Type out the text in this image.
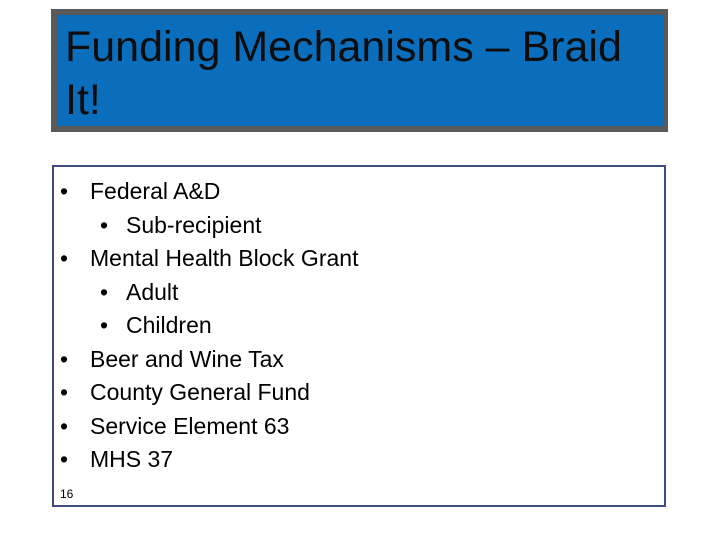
Funding Mechanisms – Braid It!
• Federal A&D
• Sub-recipient
• Mental Health Block Grant
• Adult
• Children
• Beer and Wine Tax
• County General Fund
• Service Element 63
• MHS 37
16
